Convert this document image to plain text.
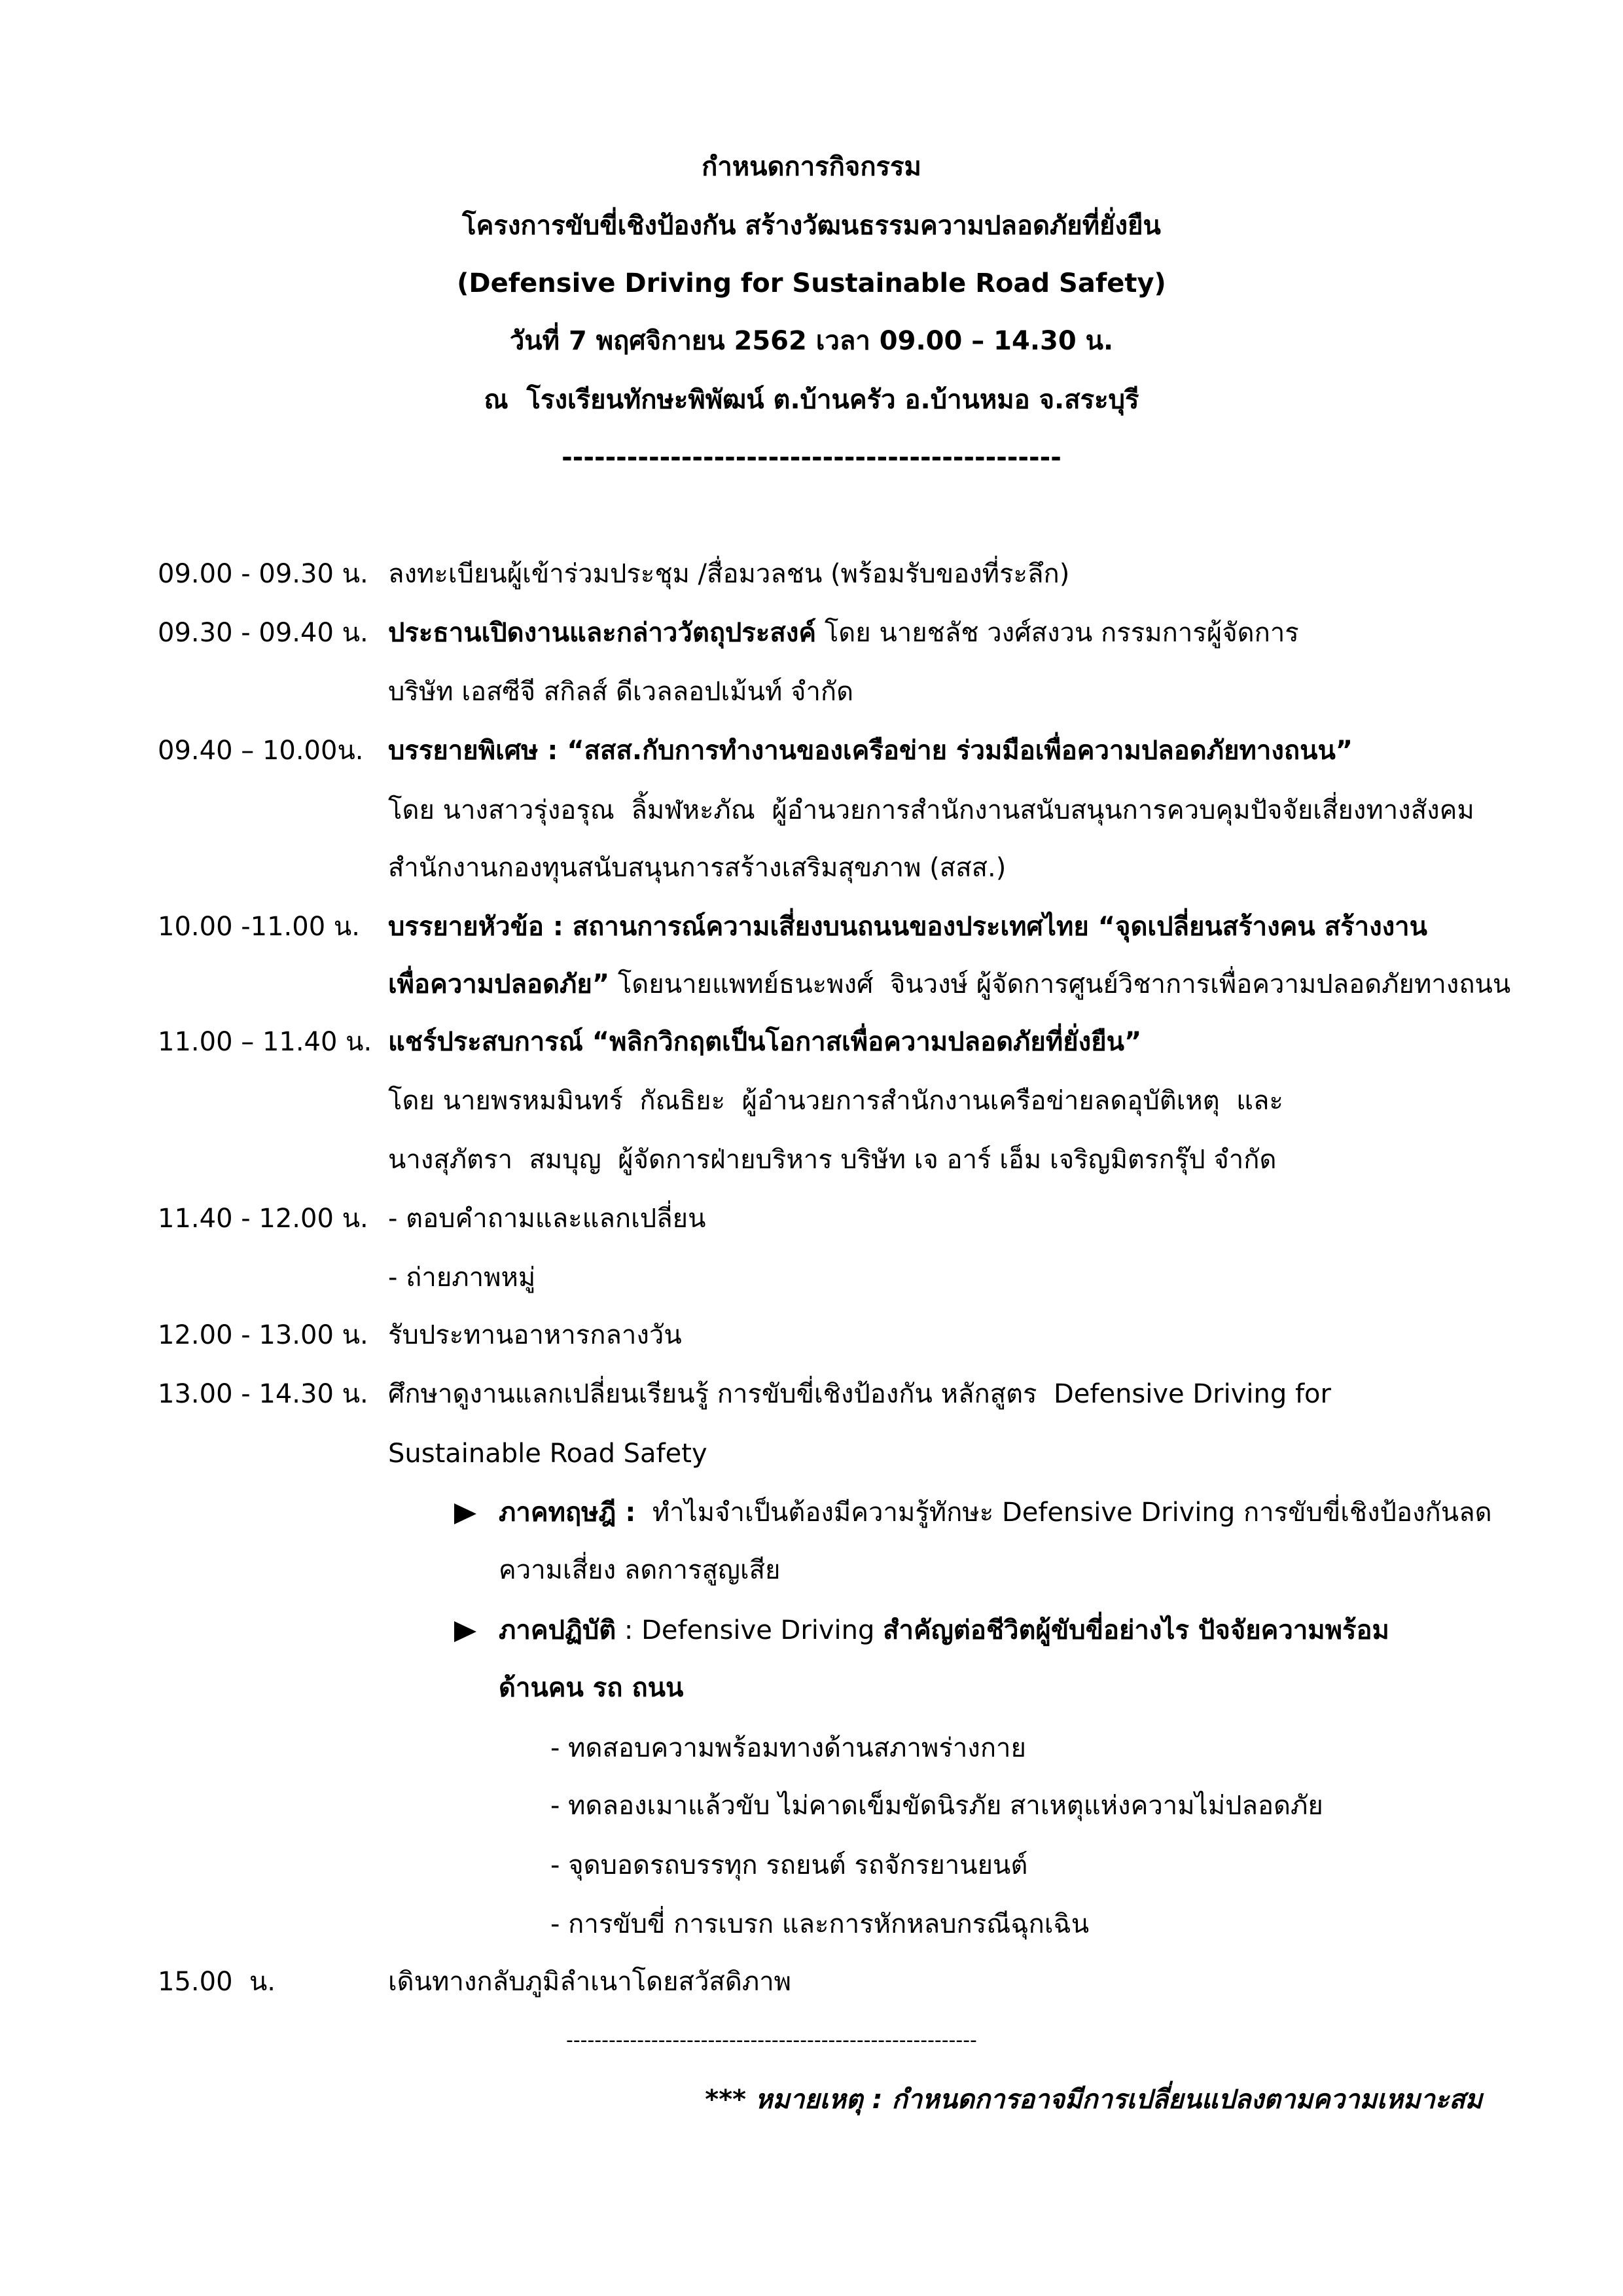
กำหนดการกิจกรรม
โครงการขับขี่เชิงป้องกัน สร้างวัฒนธรรมความปลอดภัยที่ยั่งยืน
(Defensive Driving for Sustainable Road Safety)
วันที่ 7 พฤศจิกายน 2562 เวลา 09.00 – 14.30 น.
ณ  โรงเรียนทักษะพิพัฒน์ ต.บ้านครัว อ.บ้านหมอ จ.สระบุรี
----------------------------------------------
09.00 - 09.30 น. ลงทะเบียนผู้เข้าร่วมประชุม /สื่อมวลชน (พร้อมรับของที่ระลึก)
09.30 - 09.40 น. ประธานเปิดงานและกล่าววัตถุประสงค์ โดย นายชลัช วงศ์สงวน กรรมการผู้จัดการ
บริษัท เอสซีจี สกิลส์ ดีเวลลอปเม้นท์ จำกัด
09.40 – 10.00น. บรรยายพิเศษ : “สสส.กับการทำงานของเครือข่าย ร่วมมือเพื่อความปลอดภัยทางถนน”
โดย นางสาวรุ่งอรุณ  ลิ้มฬหะภัณ  ผู้อำนวยการสำนักงานสนับสนุนการควบคุมปัจจัยเสี่ยงทางสังคม
สำนักงานกองทุนสนับสนุนการสร้างเสริมสุขภาพ (สสส.)
10.00 -11.00 น. บรรยายหัวข้อ : สถานการณ์ความเสี่ยงบนถนนของประเทศไทย “จุดเปลี่ยนสร้างคน สร้างงาน
เพื่อความปลอดภัย” โดยนายแพทย์ธนะพงศ์  จินวงษ์ ผู้จัดการศูนย์วิชาการเพื่อความปลอดภัยทางถนน
11.00 – 11.40 น. แชร์ประสบการณ์ “พลิกวิกฤตเป็นโอกาสเพื่อความปลอดภัยที่ยั่งยืน”
โดย นายพรหมมินทร์  กัณธิยะ  ผู้อำนวยการสำนักงานเครือข่ายลดอุบัติเหตุ  และ
นางสุภัตรา  สมบุญ  ผู้จัดการฝ่ายบริหาร บริษัท เจ อาร์ เอ็ม เจริญมิตรกรุ๊ป จำกัด
11.40 - 12.00 น. - ตอบคำถามและแลกเปลี่ยน
- ถ่ายภาพหมู่
12.00 - 13.00 น. รับประทานอาหารกลางวัน
13.00 - 14.30 น. ศึกษาดูงานแลกเปลี่ยนเรียนรู้ การขับขี่เชิงป้องกัน หลักสูตร  Defensive Driving for
Sustainable Road Safety
ภาคทฤษฎี :  ทำไมจำเป็นต้องมีความรู้ทักษะ Defensive Driving การขับขี่เชิงป้องกันลด
ความเสี่ยง ลดการสูญเสีย
ภาคปฏิบัติ : Defensive Driving สำคัญต่อชีวิตผู้ขับขี่อย่างไร ปัจจัยความพร้อม
ด้านคน รถ ถนน
- ทดสอบความพร้อมทางด้านสภาพร่างกาย
- ทดลองเมาแล้วขับ ไม่คาดเข็มขัดนิรภัย สาเหตุแห่งความไม่ปลอดภัย
- จุดบอดรถบรรทุก รถยนต์ รถจักรยานยนต์
- การขับขี่ การเบรก และการหักหลบกรณีฉุกเฉิน
15.00  น.	เดินทางกลับภูมิลำเนาโดยสวัสดิภาพ
----------------------------------------------------------
*** หมายเหตุ : กำหนดการอาจมีการเปลี่ยนแปลงตามความเหมาะสม
